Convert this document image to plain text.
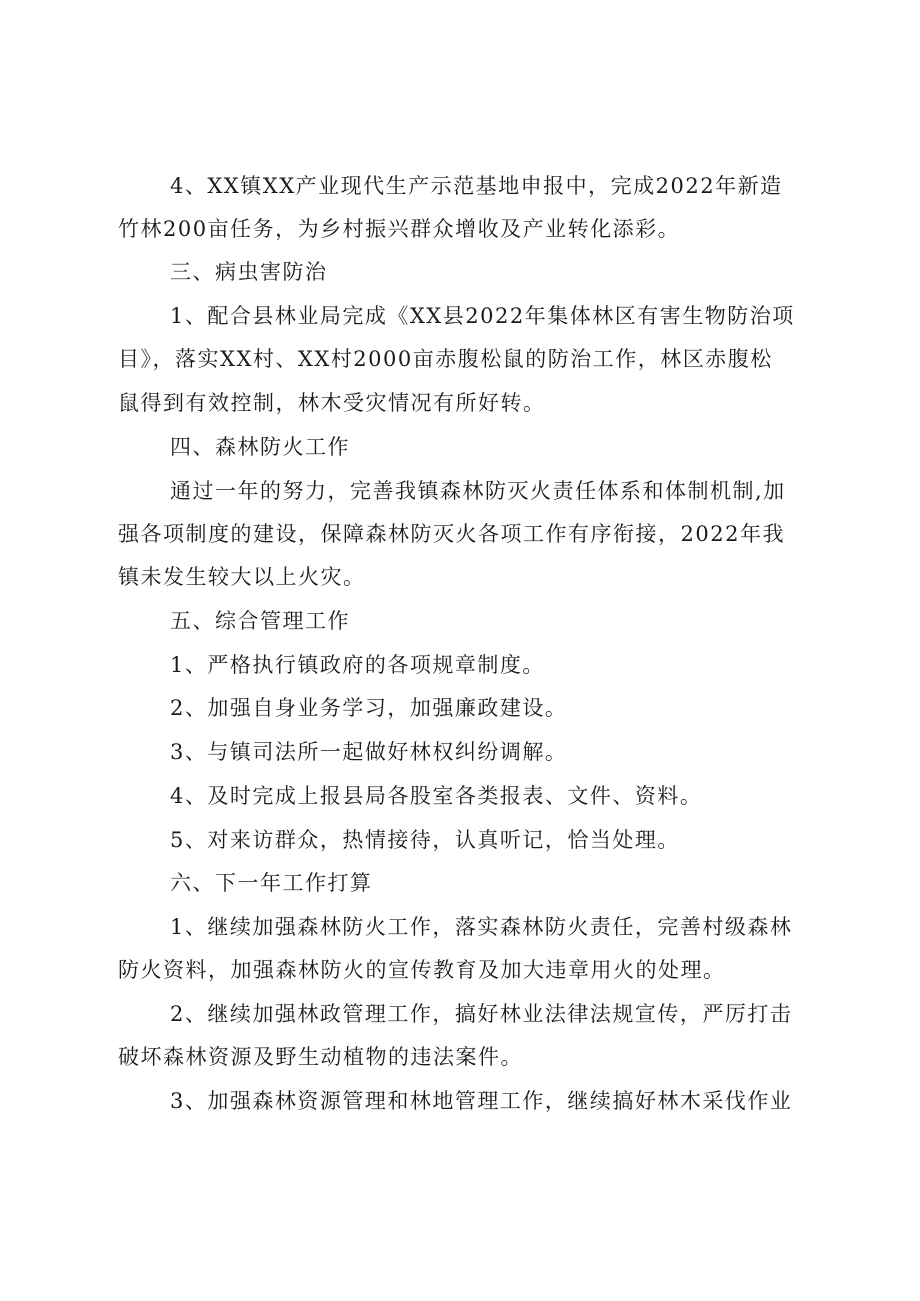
4、XX镇XX产业现代生产示范基地申报中，完成2022年新造
竹林200亩任务，为乡村振兴群众增收及产业转化添彩。
三、病虫害防治
1、配合县林业局完成《XX县2022年集体林区有害生物防治项
目》，落实XX村、XX村2000亩赤腹松鼠的防治工作，林区赤腹松
鼠得到有效控制，林木受灾情况有所好转。
四、森林防火工作
通过一年的努力，完善我镇森林防灭火责任体系和体制机制,加
强各项制度的建设，保障森林防灭火各项工作有序衔接，2022年我
镇未发生较大以上火灾。
五、综合管理工作
1、严格执行镇政府的各项规章制度。
2、加强自身业务学习，加强廉政建设。
3、与镇司法所一起做好林权纠纷调解。
4、及时完成上报县局各股室各类报表、文件、资料。
5、对来访群众，热情接待，认真听记，恰当处理。
六、下一年工作打算
1、继续加强森林防火工作，落实森林防火责任，完善村级森林
防火资料，加强森林防火的宣传教育及加大违章用火的处理。
2、继续加强林政管理工作，搞好林业法律法规宣传，严厉打击
破坏森林资源及野生动植物的违法案件。
3、加强森林资源管理和林地管理工作，继续搞好林木采伐作业
